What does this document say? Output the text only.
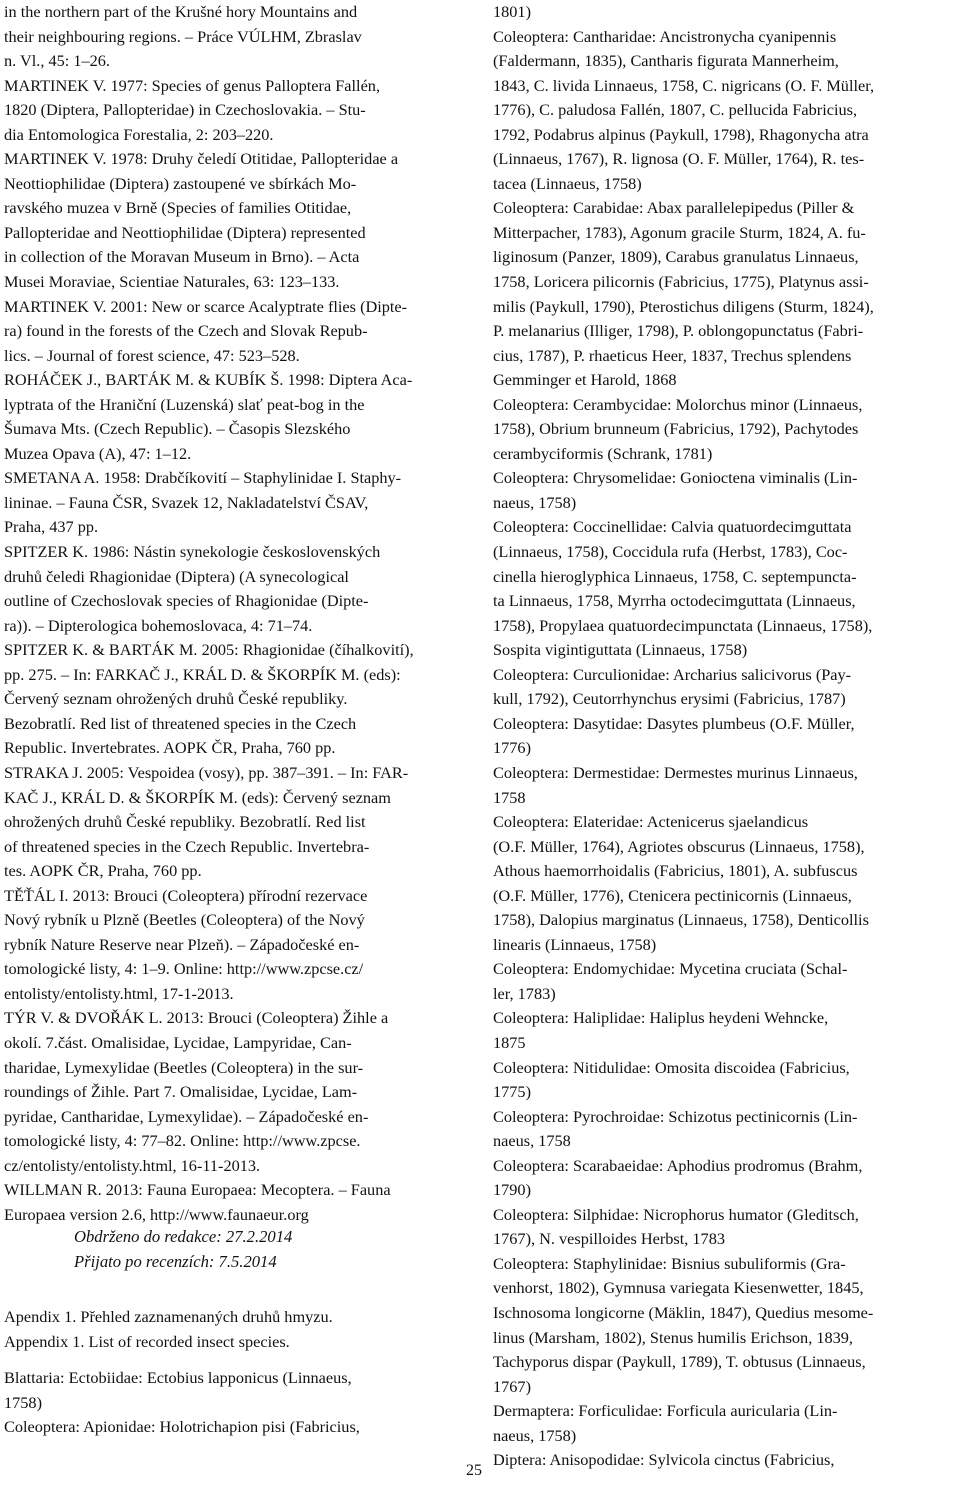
in the northern part of the Krušné hory Mountains and
their neighbouring regions. – Práce VÚLHM, Zbraslav
n. Vl., 45: 1–26.
MARTINEK V. 1977: Species of genus Palloptera Fallén,
1820 (Diptera, Pallopteridae) in Czechoslovakia. – Stu-
dia Entomologica Forestalia, 2: 203–220.
MARTINEK V. 1978: Druhy čeledí Otitidae, Pallopteridae a
Neottiophilidae (Diptera) zastoupené ve sbírkách Mo-
ravského muzea v Brně (Species of families Otitidae,
Pallopteridae and Neottiophilidae (Diptera) represented
in collection of the Moravan Museum in Brno). – Acta
Musei Moraviae, Scientiae Naturales, 63: 123–133.
MARTINEK V. 2001: New or scarce Acalyptrate flies (Dipte-
ra) found in the forests of the Czech and Slovak Repub-
lics. – Journal of forest science, 47: 523–528.
ROHÁČEK J., BARTÁK M. & KUBÍK Š. 1998: Diptera Aca-
lyptrata of the Hraniční (Luzenská) slať peat-bog in the
Šumava Mts. (Czech Republic). – Časopis Slezského
Muzea Opava (A), 47: 1–12.
SMETANA A. 1958: Drabčíkovití – Staphylinidae I. Staphy-
lininae. – Fauna ČSR, Svazek 12, Nakladatelství ČSAV,
Praha, 437 pp.
SPITZER K. 1986: Nástin synekologie československých
druhů čeledi Rhagionidae (Diptera) (A synecological
outline of Czechoslovak species of Rhagionidae (Dipte-
ra)). – Dipterologica bohemoslovaca, 4: 71–74.
SPITZER K. & BARTÁK M. 2005: Rhagionidae (číhalkovití),
pp. 275. – In: FARKAČ J., KRÁL D. & ŠKORPÍK M. (eds):
Červený seznam ohrožených druhů České republiky.
Bezobratlí. Red list of threatened species in the Czech
Republic. Invertebrates. AOPK ČR, Praha, 760 pp.
STRAKA J. 2005: Vespoidea (vosy), pp. 387–391. – In: FAR-
KAČ J., KRÁL D. & ŠKORPÍK M. (eds): Červený seznam
ohrožených druhů České republiky. Bezobratlí. Red list
of threatened species in the Czech Republic. Invertebra-
tes. AOPK ČR, Praha, 760 pp.
TĚŤÁL I. 2013: Brouci (Coleoptera) přírodní rezervace
Nový rybník u Plzně (Beetles (Coleoptera) of the Nový
rybník Nature Reserve near Plzeň). – Západočeské en-
tomologické listy, 4: 1–9. Online: http://www.zpcse.cz/
entolisty/entolisty.html, 17-1-2013.
TÝR V. & DVOŘÁK L. 2013: Brouci (Coleoptera) Žihle a
okolí. 7.část. Omalisidae, Lycidae, Lampyridae, Can-
tharidae, Lymexylidae (Beetles (Coleoptera) in the sur-
roundings of Žihle. Part 7. Omalisidae, Lycidae, Lam-
pyridae, Cantharidae, Lymexylidae). – Západočeské en-
tomologické listy, 4: 77–82. Online: http://www.zpcse.
cz/entolisty/entolisty.html, 16-11-2013.
WILLMAN R. 2013: Fauna Europaea: Mecoptera. – Fauna
Europaea version 2.6, http://www.faunaeur.org
Obdrženo do redakce: 27.2.2014
Přijato po recenzích: 7.5.2014
Apendix 1. Přehled zaznamenaných druhů hmyzu.
Appendix 1. List of recorded insect species.
Blattaria: Ectobiidae: Ectobius lapponicus (Linnaeus,
1758)
Coleoptera: Apionidae: Holotrichapion pisi (Fabricius,
1801)
Coleoptera: Cantharidae: Ancistronycha cyanipennis
(Faldermann, 1835), Cantharis figurata Mannerheim,
1843, C. livida Linnaeus, 1758, C. nigricans (O. F. Müller,
1776), C. paludosa Fallén, 1807, C. pellucida Fabricius,
1792, Podabrus alpinus (Paykull, 1798), Rhagonycha atra
(Linnaeus, 1767), R. lignosa (O. F. Müller, 1764), R. tes-
tacea (Linnaeus, 1758)
Coleoptera: Carabidae: Abax parallelepipedus (Piller &
Mitterpacher, 1783), Agonum gracile Sturm, 1824, A. fu-
liginosum (Panzer, 1809), Carabus granulatus Linnaeus,
1758, Loricera pilicornis (Fabricius, 1775), Platynus assi-
milis (Paykull, 1790), Pterostichus diligens (Sturm, 1824),
P. melanarius (Illiger, 1798), P. oblongopunctatus (Fabri-
cius, 1787), P. rhaeticus Heer, 1837, Trechus splendens
Gemminger et Harold, 1868
Coleoptera: Cerambycidae: Molorchus minor (Linnaeus,
1758), Obrium brunneum (Fabricius, 1792), Pachytodes
cerambyciformis (Schrank, 1781)
Coleoptera: Chrysomelidae: Gonioctena viminalis (Lin-
naeus, 1758)
Coleoptera: Coccinellidae: Calvia quatuordecimguttata
(Linnaeus, 1758), Coccidula rufa (Herbst, 1783), Coc-
cinella hieroglyphica Linnaeus, 1758, C. septempuncta-
ta Linnaeus, 1758, Myrrha octodecimguttata (Linnaeus,
1758), Propylaea quatuordecimpunctata (Linnaeus, 1758),
Sospita vigintiguttata (Linnaeus, 1758)
Coleoptera: Curculionidae: Archarius salicivorus (Pay-
kull, 1792), Ceutorrhynchus erysimi (Fabricius, 1787)
Coleoptera: Dasytidae: Dasytes plumbeus (O.F. Müller,
1776)
Coleoptera: Dermestidae: Dermestes murinus Linnaeus,
1758
Coleoptera: Elateridae: Actenicerus sjaelandicus
(O.F. Müller, 1764), Agriotes obscurus (Linnaeus, 1758),
Athous haemorrhoidalis (Fabricius, 1801), A. subfuscus
(O.F. Müller, 1776), Ctenicera pectinicornis (Linnaeus,
1758), Dalopius marginatus (Linnaeus, 1758), Denticollis
linearis (Linnaeus, 1758)
Coleoptera: Endomychidae: Mycetina cruciata (Schal-
ler, 1783)
Coleoptera: Haliplidae: Haliplus heydeni Wehncke,
1875
Coleoptera: Nitidulidae: Omosita discoidea (Fabricius,
1775)
Coleoptera: Pyrochroidae: Schizotus pectinicornis (Lin-
naeus, 1758
Coleoptera: Scarabaeidae: Aphodius prodromus (Brahm,
1790)
Coleoptera: Silphidae: Nicrophorus humator (Gleditsch,
1767), N. vespilloides Herbst, 1783
Coleoptera: Staphylinidae: Bisnius subuliformis (Gra-
venhorst, 1802), Gymnusa variegata Kiesenwetter, 1845,
Ischnosoma longicorne (Mäklin, 1847), Quedius mesome-
linus (Marsham, 1802), Stenus humilis Erichson, 1839,
Tachyporus dispar (Paykull, 1789), T. obtusus (Linnaeus,
1767)
Dermaptera: Forficulidae: Forficula auricularia (Lin-
naeus, 1758)
Diptera: Anisopodidae: Sylvicola cinctus (Fabricius,
25
